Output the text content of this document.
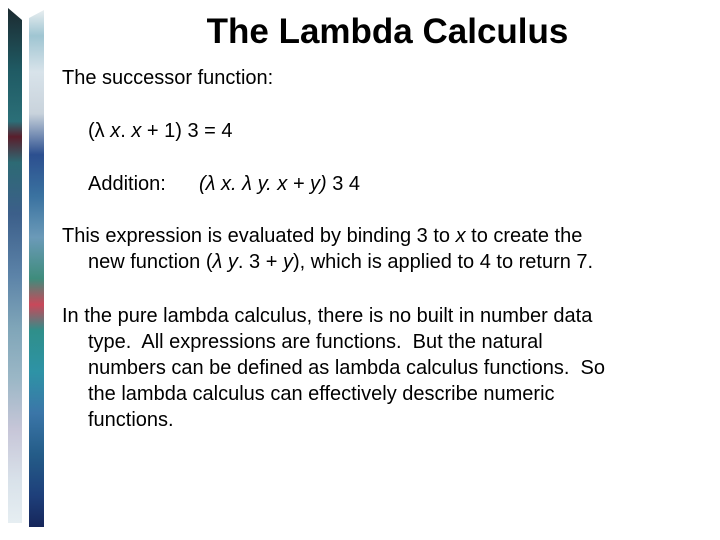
The Lambda Calculus
The successor function:
(λ x. x + 1) 3 = 4
Addition: (λ x. λ y. x + y) 3 4
This expression is evaluated by binding 3 to x to create the
new function (λ y. 3 + y), which is applied to 4 to return 7.
In the pure lambda calculus, there is no built in number data
type.  All expressions are functions.  But the natural
numbers can be defined as lambda calculus functions.  So
the lambda calculus can effectively describe numeric
functions.
